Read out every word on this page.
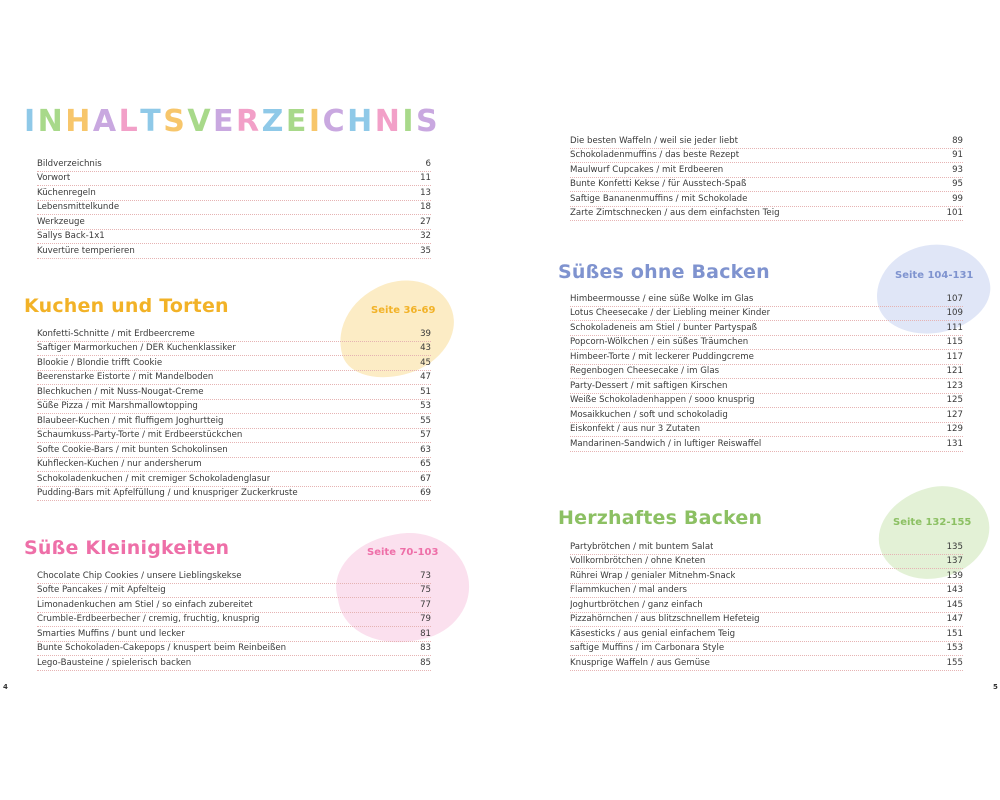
INHALTSVERZEICHNIS
Bildverzeichnis	6
Vorwort	11
Küchenregeln	13
Lebensmittelkunde	18
Werkzeuge	27
Sallys Back-1x1	32
Kuvertüre temperieren	35
Kuchen und Torten	Seite 36-69
Konfetti-Schnitte / mit Erdbeercreme	39
Saftiger Marmorkuchen / DER Kuchenklassiker	43
Blookie / Blondie trifft Cookie	45
Beerenstarke Eistorte / mit Mandelboden	47
Blechkuchen / mit Nuss-Nougat-Creme	51
Süße Pizza / mit Marshmallowtopping	53
Blaubeer-Kuchen / mit fluffigem Joghurtteig	55
Schaumkuss-Party-Torte / mit Erdbeerstückchen	57
Softe Cookie-Bars / mit bunten Schokolinsen	63
Kuhflecken-Kuchen / nur andersherum	65
Schokoladenkuchen / mit cremiger Schokoladenglasur	67
Pudding-Bars mit Apfelfüllung / und knuspriger Zuckerkruste	69
Süße Kleinigkeiten	Seite 70-103
Chocolate Chip Cookies / unsere Lieblingskekse	73
Softe Pancakes / mit Apfelteig	75
Limonadenkuchen am Stiel / so einfach zubereitet	77
Crumble-Erdbeerbecher / cremig, fruchtig, knusprig	79
Smarties Muffins / bunt und lecker	81
Bunte Schokoladen-Cakepops / knuspert beim Reinbeißen	83
Lego-Bausteine / spielerisch backen	85
4
Die besten Waffeln / weil sie jeder liebt	89
Schokoladenmuffins / das beste Rezept	91
Maulwurf Cupcakes / mit Erdbeeren	93
Bunte Konfetti Kekse / für Ausstech-Spaß	95
Saftige Bananenmuffins / mit Schokolade	99
Zarte Zimtschnecken / aus dem einfachsten Teig	101
Süßes ohne Backen	Seite 104-131
Himbeermousse / eine süße Wolke im Glas	107
Lotus Cheesecake / der Liebling meiner Kinder	109
Schokoladeneis am Stiel / bunter Partyspaß	111
Popcorn-Wölkchen / ein süßes Träumchen	115
Himbeer-Torte / mit leckerer Puddingcreme	117
Regenbogen Cheesecake / im Glas	121
Party-Dessert / mit saftigen Kirschen	123
Weiße Schokoladenhappen / sooo knusprig	125
Mosaikkuchen / soft und schokoladig	127
Eiskonfekt / aus nur 3 Zutaten	129
Mandarinen-Sandwich / in luftiger Reiswaffel	131
Herzhaftes Backen	Seite 132-155
Partybrötchen / mit buntem Salat	135
Vollkornbrötchen / ohne Kneten	137
Rührei Wrap / genialer Mitnehm-Snack	139
Flammkuchen / mal anders	143
Joghurtbrötchen / ganz einfach	145
Pizzahörnchen / aus blitzschnellem Hefeteig	147
Käsesticks / aus genial einfachem Teig	151
saftige Muffins / im Carbonara Style	153
Knusprige Waffeln / aus Gemüse	155
5
